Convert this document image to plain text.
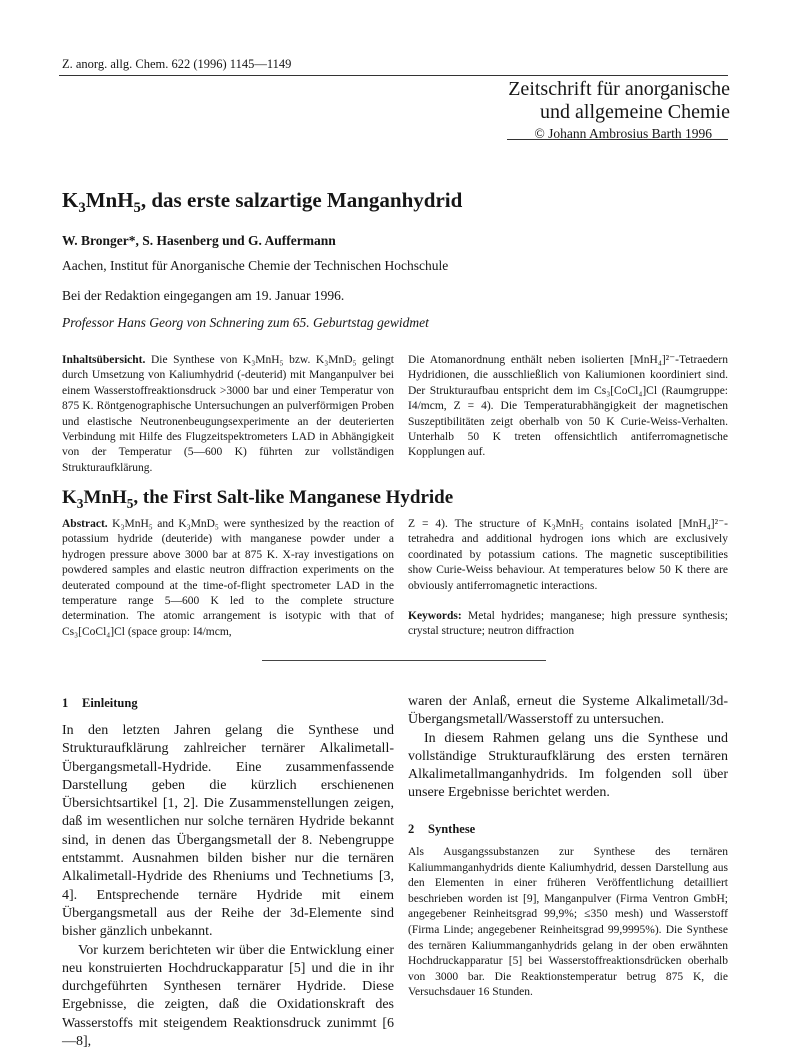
Z. anorg. allg. Chem. 622 (1996) 1145—1149
Zeitschrift für anorganische
und allgemeine Chemie
© Johann Ambrosius Barth 1996
$K_3MnH_5$, das erste salzartige Manganhydrid
W. Bronger*, S. Hasenberg und G. Auffermann
Aachen, Institut für Anorganische Chemie der Technischen Hochschule
Bei der Redaktion eingegangen am 19. Januar 1996.
Professor Hans Georg von Schnering zum 65. Geburtstag gewidmet
Inhaltsübersicht. Die Synthese von K₃MnH₅ bzw. K₃MnD₅ gelingt durch Umsetzung von Kaliumhydrid (-deuterid) mit Manganpulver bei einem Wasserstoffreaktionsdruck >3000 bar und einer Temperatur von 875 K. Röntgenographische Untersuchungen an pulverförmigen Proben und elastische Neutronenbeugungsexperimente an der deuterierten Verbindung mit Hilfe des Flugzeitspektrometers LAD in Abhängigkeit von der Temperatur (5—600 K) führten zur vollständigen Strukturaufklärung.
Die Atomanordnung enthält neben isolierten [MnH₄]²⁻-Tetraedern Hydridionen, die ausschließlich von Kaliumionen koordiniert sind. Der Strukturaufbau entspricht dem im Cs₃[CoCl₄]Cl (Raumgruppe: I4/mcm, Z = 4). Die Temperaturabhängigkeit der magnetischen Suszeptibilitäten zeigt oberhalb von 50 K Curie-Weiss-Verhalten. Unterhalb 50 K treten offensichtlich antiferromagnetische Kopplungen auf.
$K_3MnH_5$, the First Salt-like Manganese Hydride
Abstract. K₃MnH₅ and K₃MnD₅ were synthesized by the reaction of potassium hydride (deuteride) with manganese powder under a hydrogen pressure above 3000 bar at 875 K. X-ray investigations on powdered samples and elastic neutron diffraction experiments on the deuterated compound at the time-of-flight spectrometer LAD in the temperature range 5—600 K led to the complete structure determination. The atomic arrangement is isotypic with that of Cs₃[CoCl₄]Cl (space group: I4/mcm,
Z = 4). The structure of K₃MnH₅ contains isolated [MnH₄]²⁻-tetrahedra and additional hydrogen ions which are exclusively coordinated by potassium cations. The magnetic susceptibilities show Curie-Weiss behaviour. At temperatures below 50 K there are obviously antiferromagnetic interactions.
Keywords: Metal hydrides; manganese; high pressure synthesis; crystal structure; neutron diffraction
1 Einleitung

In den letzten Jahren gelang die Synthese und Strukturaufklärung zahlreicher ternärer Alkalimetall-Übergangsmetall-Hydride. Eine zusammenfassende Darstellung geben die kürzlich erschienenen Übersichtsartikel [1, 2]. Die Zusammenstellungen zeigen, daß im wesentlichen nur solche ternären Hydride bekannt sind, in denen das Übergangsmetall der 8. Nebengruppe entstammt. Ausnahmen bilden bisher nur die ternären Alkalimetall-Hydride des Rheniums und Technetiums [3, 4]. Entsprechende ternäre Hydride mit einem Übergangsmetall aus der Reihe der 3d-Elemente sind bisher gänzlich unbekannt.

Vor kurzem berichteten wir über die Entwicklung einer neu konstruierten Hochdruckapparatur [5] und die in ihr durchgeführten Synthesen ternärer Hydride. Diese Ergebnisse, die zeigten, daß die Oxidationskraft des Wasserstoffs mit steigendem Reaktionsdruck zunimmt [6—8],

waren der Anlaß, erneut die Systeme Alkalimetall/3d-Übergangsmetall/Wasserstoff zu untersuchen.

In diesem Rahmen gelang uns die Synthese und vollständige Strukturaufklärung des ersten ternären Alkalimetallmanganhydrids. Im folgenden soll über unsere Ergebnisse berichtet werden.

2 Synthese
Als Ausgangssubstanzen zur Synthese des ternären Kaliummanganhydrids diente Kaliumhydrid, dessen Darstellung aus den Elementen in einer früheren Veröffentlichung detailliert beschrieben worden ist [9], Manganpulver (Firma Ventron GmbH; angegebener Reinheitsgrad 99,9%; ≤350 mesh) und Wasserstoff (Firma Linde; angegebener Reinheitsgrad 99,9995%). Die Synthese des ternären Kaliummanganhydrids gelang in der oben erwähnten Hochdruckapparatur [5] bei Wasserstoffreaktionsdrücken oberhalb von 3000 bar. Die Reaktionstemperatur betrug 875 K, die Versuchsdauer 16 Stunden.
